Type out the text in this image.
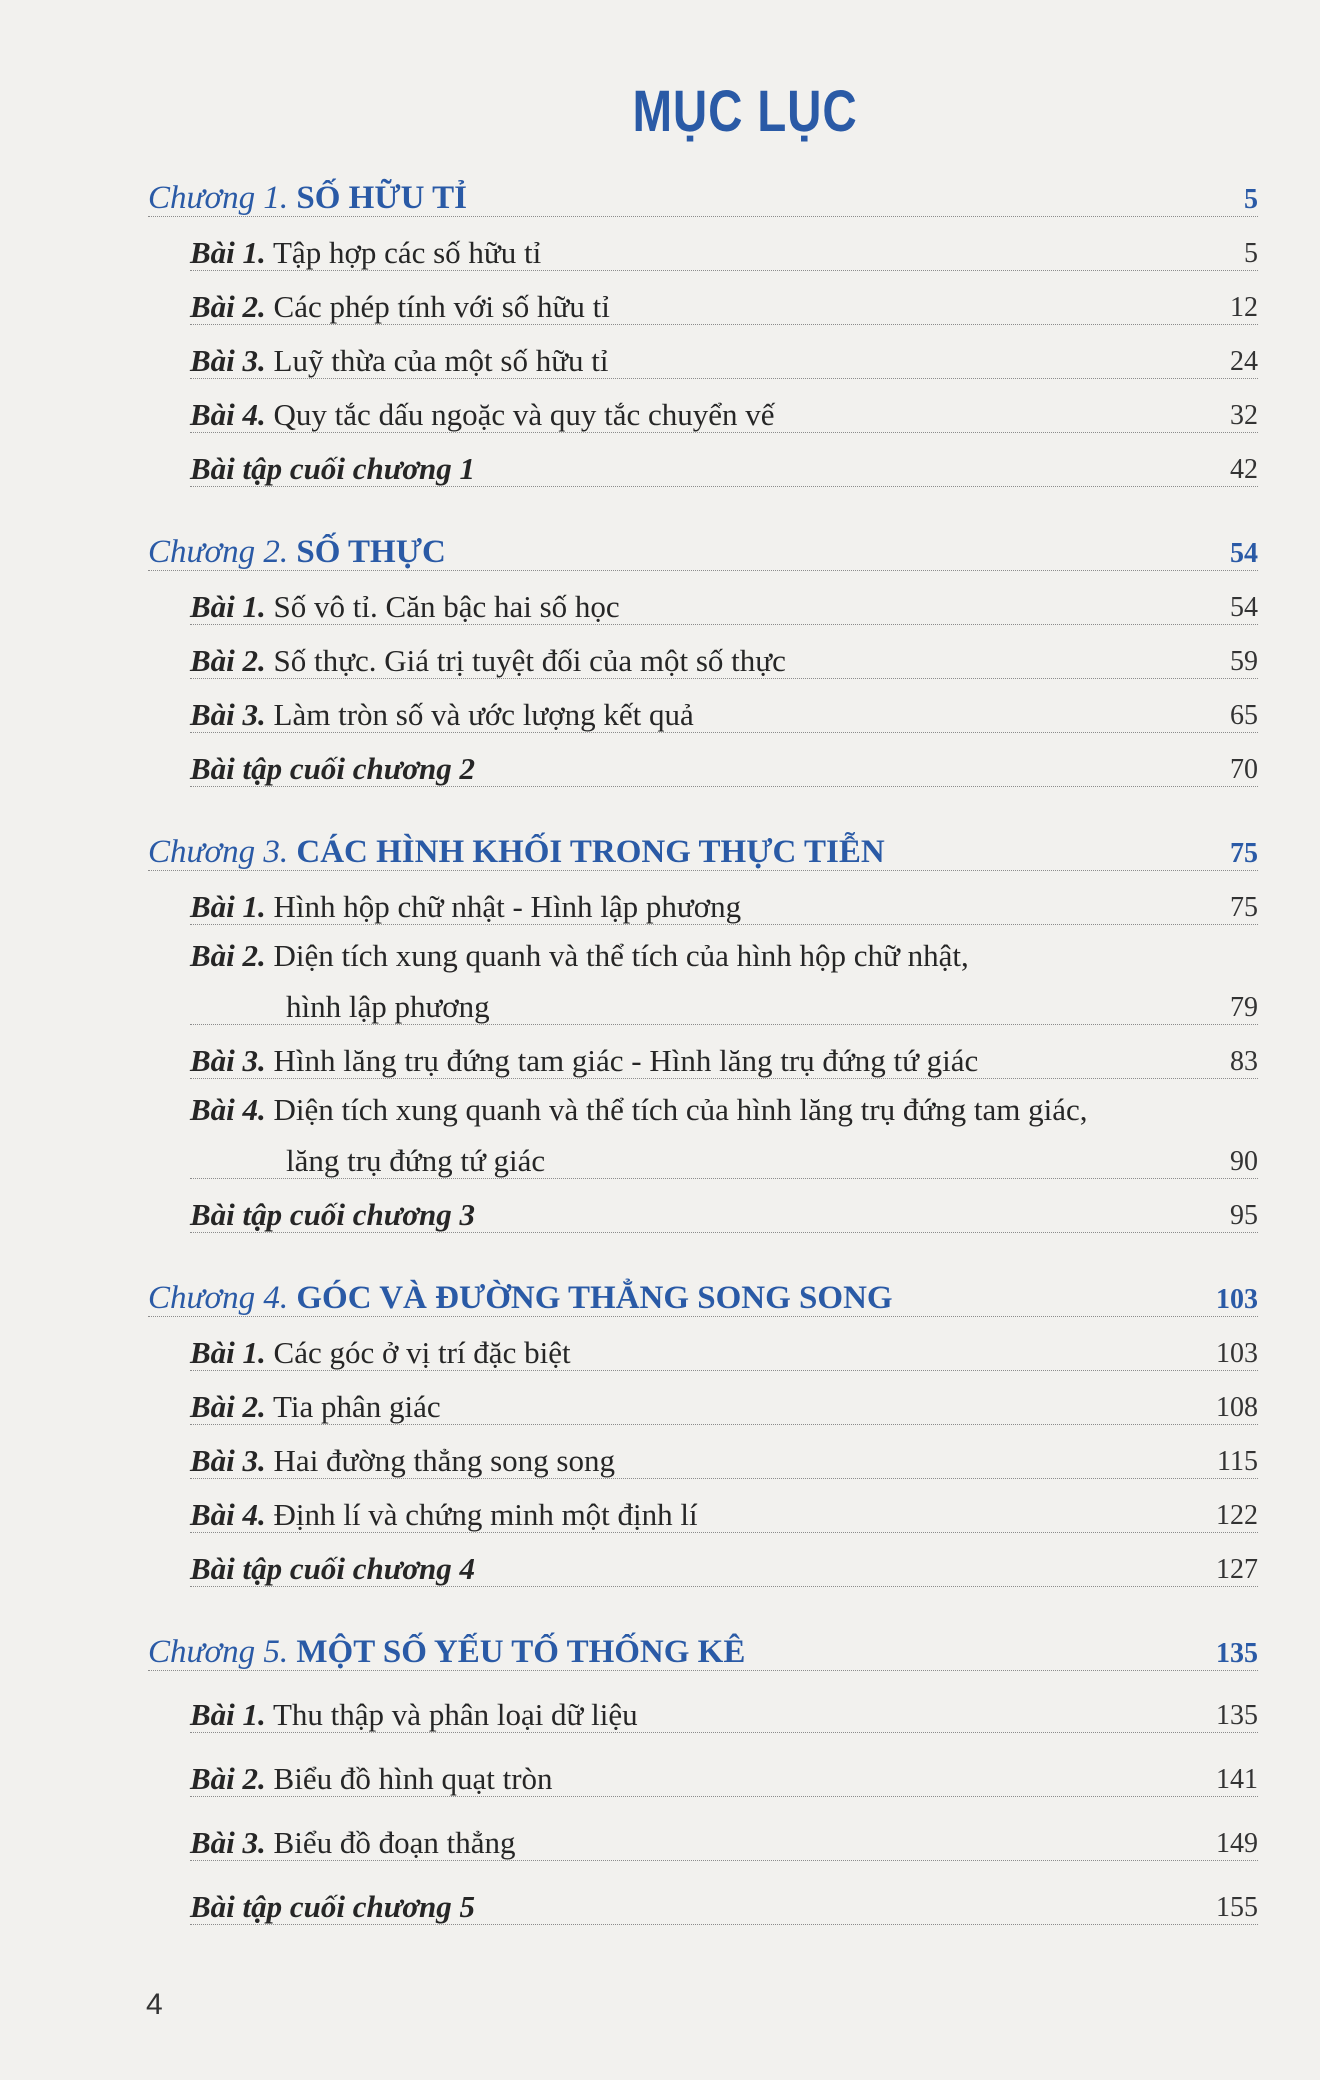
MỤC LỤC
Chương 1. SỐ HỮU TỈ	5
Bài 1. Tập hợp các số hữu tỉ	5
Bài 2. Các phép tính với số hữu tỉ	12
Bài 3. Luỹ thừa của một số hữu tỉ	24
Bài 4. Quy tắc dấu ngoặc và quy tắc chuyển vế	32
Bài tập cuối chương 1	42
Chương 2. SỐ THỰC	54
Bài 1. Số vô tỉ. Căn bậc hai số học	54
Bài 2. Số thực. Giá trị tuyệt đối của một số thực	59
Bài 3. Làm tròn số và ước lượng kết quả	65
Bài tập cuối chương 2	70
Chương 3. CÁC HÌNH KHỐI TRONG THỰC TIỄN	75
Bài 1. Hình hộp chữ nhật - Hình lập phương	75
Bài 2. Diện tích xung quanh và thể tích của hình hộp chữ nhật,
hình lập phương	79
Bài 3. Hình lăng trụ đứng tam giác - Hình lăng trụ đứng tứ giác	83
Bài 4. Diện tích xung quanh và thể tích của hình lăng trụ đứng tam giác,
lăng trụ đứng tứ giác	90
Bài tập cuối chương 3	95
Chương 4. GÓC VÀ ĐƯỜNG THẲNG SONG SONG	103
Bài 1. Các góc ở vị trí đặc biệt	103
Bài 2. Tia phân giác	108
Bài 3. Hai đường thẳng song song	115
Bài 4. Định lí và chứng minh một định lí	122
Bài tập cuối chương 4	127
Chương 5. MỘT SỐ YẾU TỐ THỐNG KÊ	135
Bài 1. Thu thập và phân loại dữ liệu	135
Bài 2. Biểu đồ hình quạt tròn	141
Bài 3. Biểu đồ đoạn thẳng	149
Bài tập cuối chương 5	155
4
